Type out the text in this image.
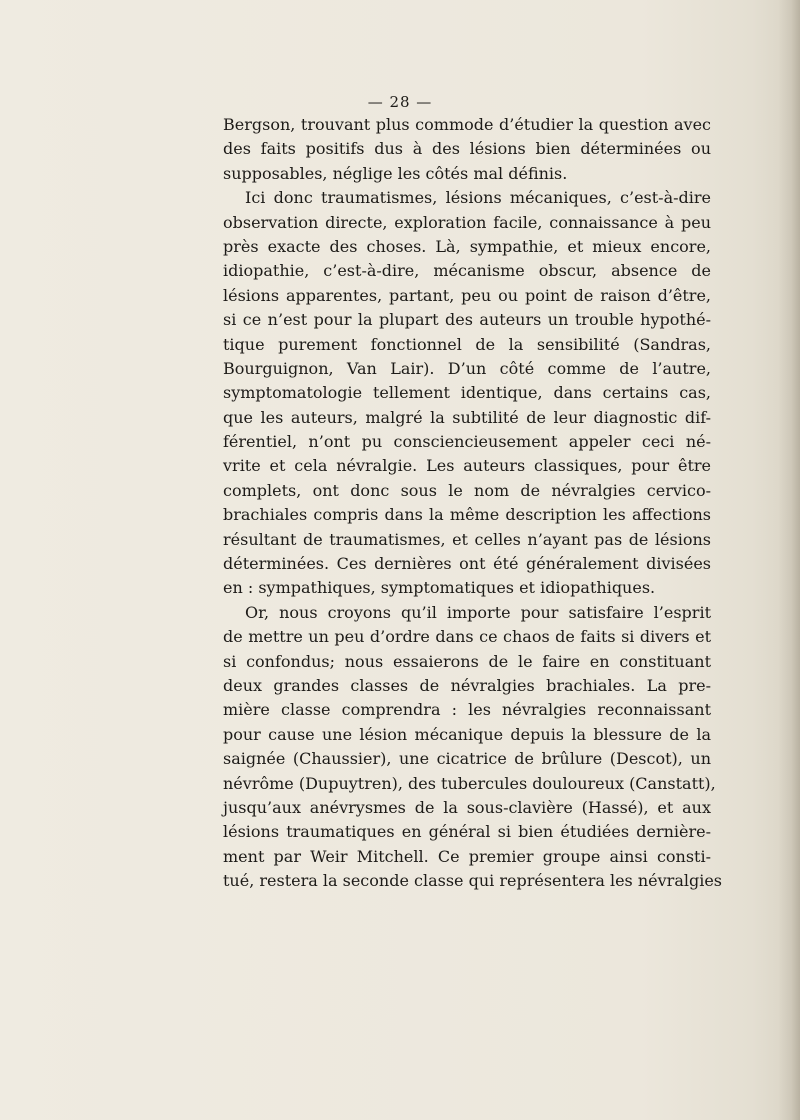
— 28 —
Bergson, trouvant plus commode d’étudier la question avec
des faits positifs dus à des lésions bien déterminées ou
supposables, néglige les côtés mal définis.
Ici donc traumatismes, lésions mécaniques, c’est-à-dire
observation directe, exploration facile, connaissance à peu
près exacte des choses. Là, sympathie, et mieux encore,
idiopathie, c’est-à-dire, mécanisme obscur, absence de
lésions apparentes, partant, peu ou point de raison d’être,
si ce n’est pour la plupart des auteurs un trouble hypothé-
tique purement fonctionnel de la sensibilité (Sandras,
Bourguignon, Van Lair). D’un côté comme de l’autre,
symptomatologie tellement identique, dans certains cas,
que les auteurs, malgré la subtilité de leur diagnostic dif-
férentiel, n’ont pu consciencieusement appeler ceci né-
vrite et cela névralgie. Les auteurs classiques, pour être
complets, ont donc sous le nom de névralgies cervico-
brachiales compris dans la même description les affections
résultant de traumatismes, et celles n’ayant pas de lésions
déterminées. Ces dernières ont été généralement divisées
en : sympathiques, symptomatiques et idiopathiques.
Or, nous croyons qu’il importe pour satisfaire l’esprit
de mettre un peu d’ordre dans ce chaos de faits si divers et
si confondus; nous essaierons de le faire en constituant
deux grandes classes de névralgies brachiales. La pre-
mière classe comprendra : les névralgies reconnaissant
pour cause une lésion mécanique depuis la blessure de la
saignée (Chaussier), une cicatrice de brûlure (Descot), un
névrôme (Dupuytren), des tubercules douloureux (Canstatt),
jusqu’aux anévrysmes de la sous-clavière (Hassé), et aux
lésions traumatiques en général si bien étudiées dernière-
ment par Weir Mitchell. Ce premier groupe ainsi consti-
tué, restera la seconde classe qui représentera les névralgies
